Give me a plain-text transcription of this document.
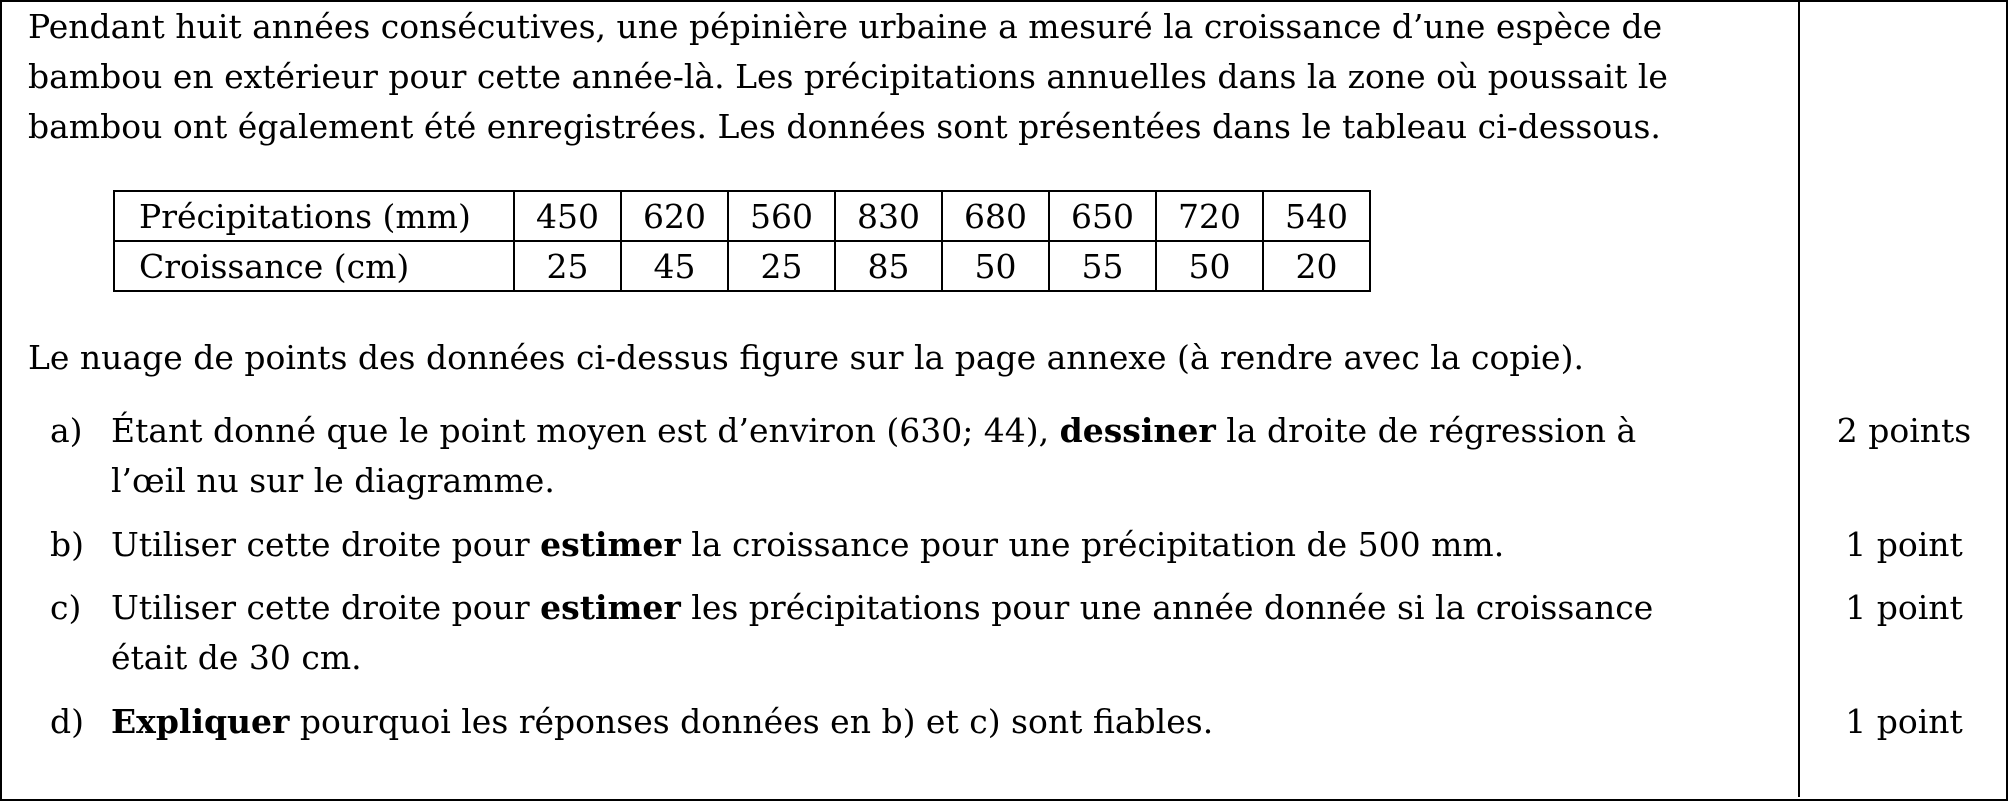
Pendant huit années consécutives, une pépinière urbaine a mesuré la croissance d’une espèce de
bambou en extérieur pour cette année-là. Les précipitations annuelles dans la zone où poussait le
bambou ont également été enregistrées. Les données sont présentées dans le tableau ci-dessous.
Précipitations (mm)	450	620	560	830	680	650	720	540
Croissance (cm)	25	45	25	85	50	55	50	20
Le nuage de points des données ci-dessus figure sur la page annexe (à rendre avec la copie).
a) Étant donné que le point moyen est d’environ (630; 44), dessiner la droite de régression à
l’œil nu sur le diagramme.
2 points
b) Utiliser cette droite pour estimer la croissance pour une précipitation de 500 mm.	1 point
c) Utiliser cette droite pour estimer les précipitations pour une année donnée si la croissance
était de 30 cm.
1 point
d) Expliquer pourquoi les réponses données en b) et c) sont fiables.	1 point
